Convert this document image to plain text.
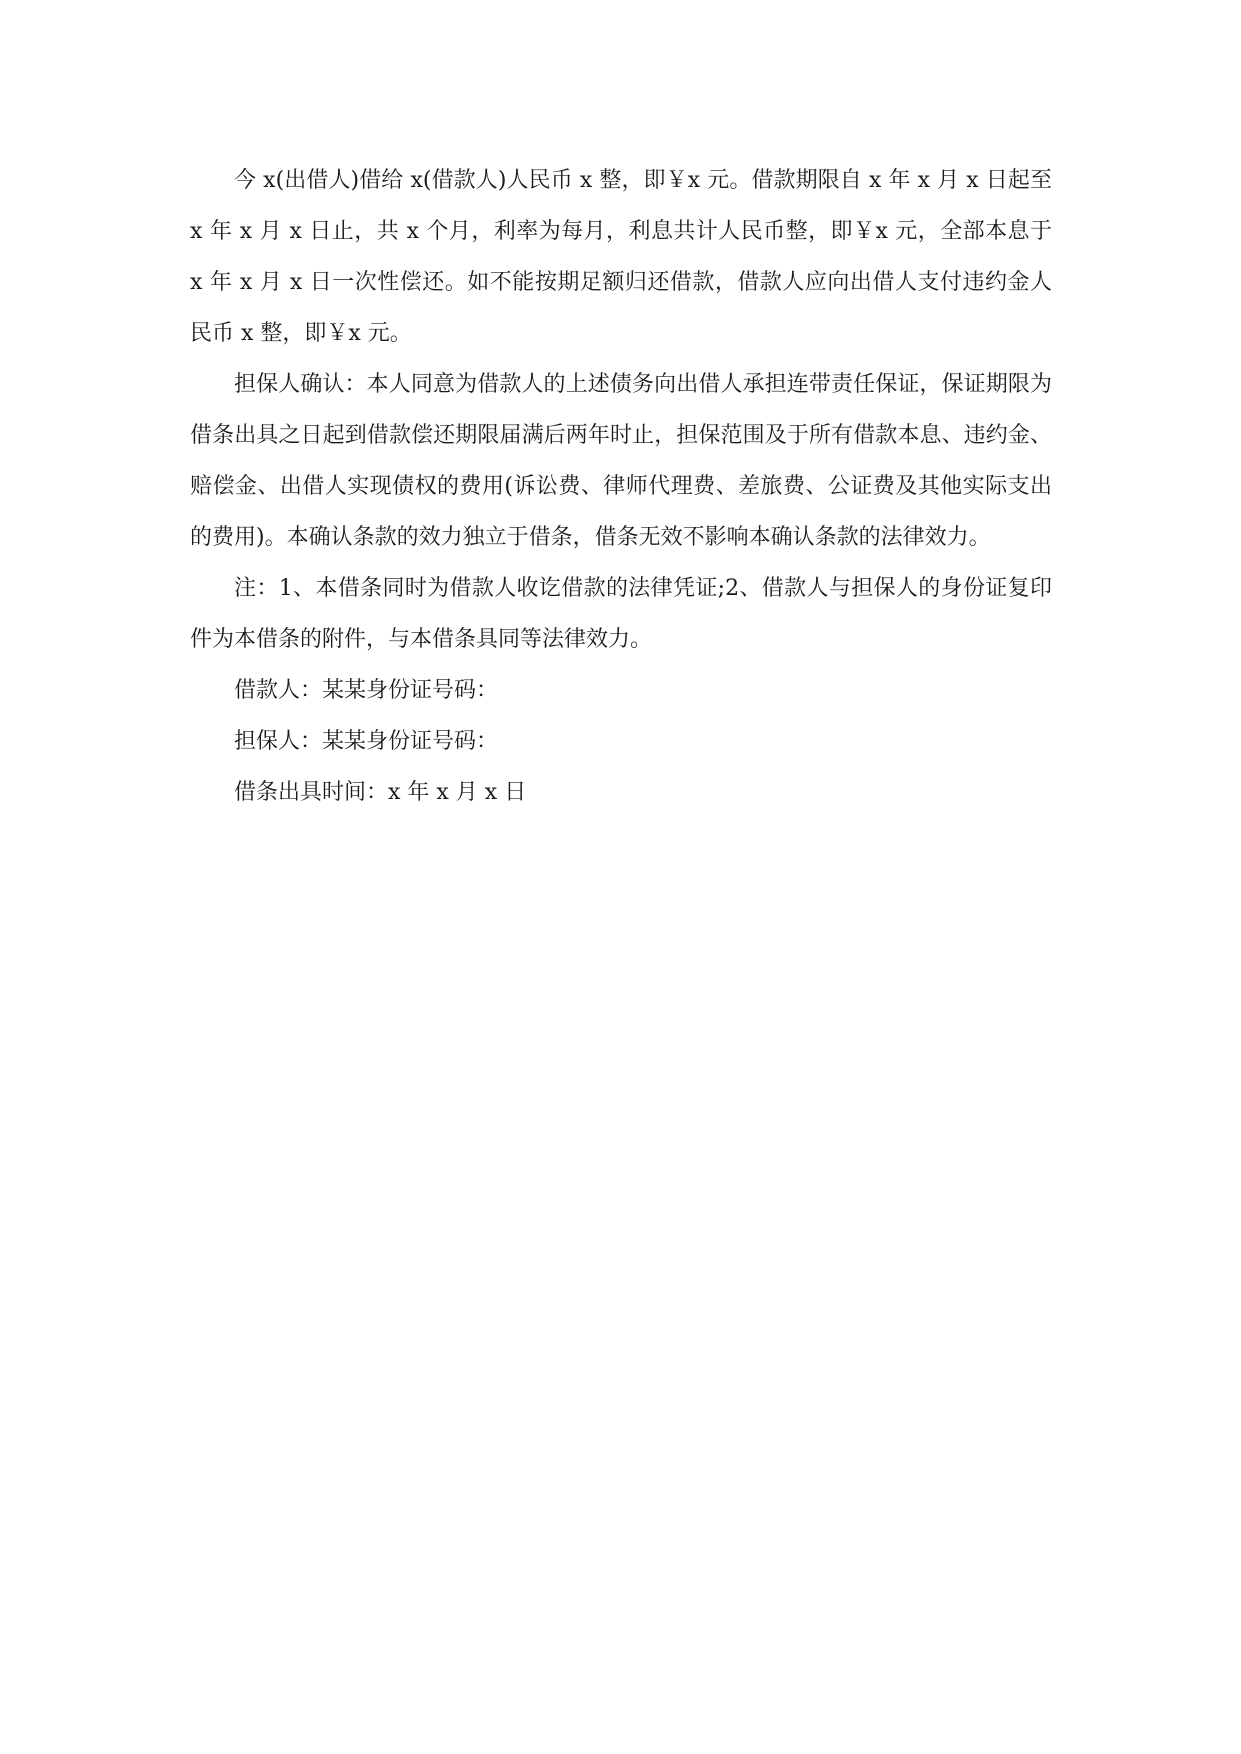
今 x(出借人)借给 x(借款人)人民币 x 整，即￥x 元。借款期限自 x 年 x 月 x 日起至 x 年 x 月 x 日止，共 x 个月，利率为每月，利息共计人民币整，即￥x 元，全部本息于 x 年 x 月 x 日一次性偿还。如不能按期足额归还借款，借款人应向出借人支付违约金人民币 x 整，即￥x 元。

担保人确认：本人同意为借款人的上述债务向出借人承担连带责任保证，保证期限为借条出具之日起到借款偿还期限届满后两年时止，担保范围及于所有借款本息、违约金、赔偿金、出借人实现债权的费用(诉讼费、律师代理费、差旅费、公证费及其他实际支出的费用)。本确认条款的效力独立于借条，借条无效不影响本确认条款的法律效力。

注：1、本借条同时为借款人收讫借款的法律凭证;2、借款人与担保人的身份证复印件为本借条的附件，与本借条具同等法律效力。

借款人：某某身份证号码：

担保人：某某身份证号码：

借条出具时间：x 年 x 月 x 日
